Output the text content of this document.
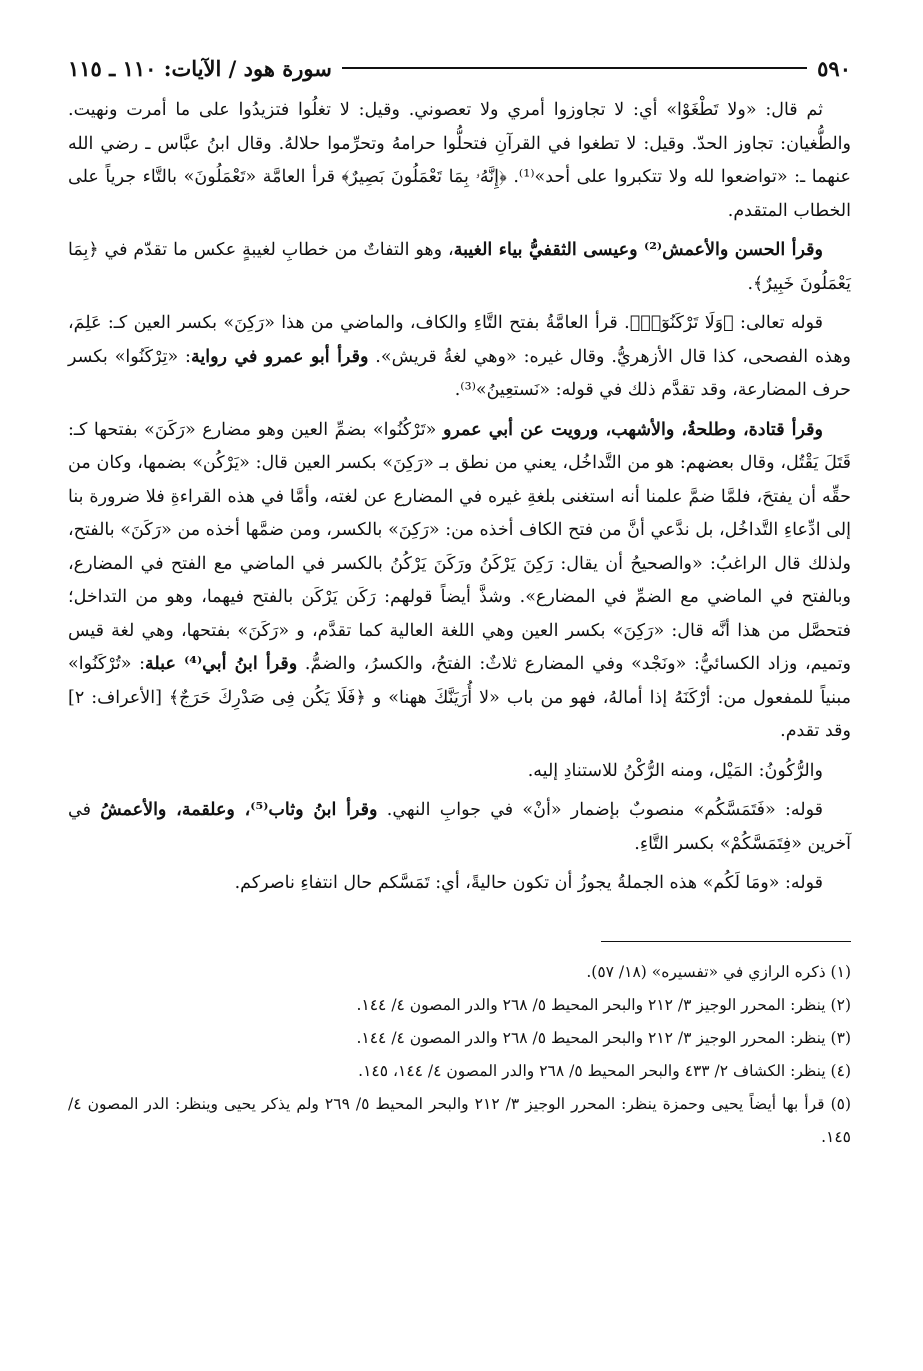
٥٩٠
سورة هود / الآيات: ١١٠ ـ ١١٥

ثم قال: «ولا تَطْغَوْا» أي: لا تجاوزوا أمري ولا تعصوني. وقيل: لا تغلُوا فتزيدُوا على ما أمرت ونهيت. والطُّغيان: تجاوز الحدّ. وقيل: لا تطغوا في القرآنِ فتحلُّوا حرامهُ وتحرِّموا حلالهُ. وقال ابنُ عبَّاس ـ رضي الله عنهما ـ: «تواضعوا لله ولا تتكبروا على أحد»⁽¹⁾. ﴿إِنَّهُۥ بِمَا تَعْمَلُونَ بَصِيرٌ﴾ قرأ العامَّة «تَعْمَلُونَ» بالتَّاء جرياً على الخطاب المتقدم.

وقرأ الحسن والأعمش⁽²⁾ وعيسى الثقفيُّ بياء الغيبة، وهو التفاتٌ من خطابِ لغيبةٍ عكس ما تقدّم في ﴿بِمَا يَعْمَلُونَ خَبِيرٌ﴾.

قوله تعالى: ﴿وَلَا تَرْكَنُوٓا۟﴾. قرأ العامَّةُ بفتح التَّاءِ والكاف، والماضي من هذا «رَكِنَ» بكسر العين كـ: عَلِمَ، وهذه الفصحى، كذا قال الأزهريُّ. وقال غيره: «وهي لغةُ قريش». وقرأ أبو عمرو في رواية: «تِرْكَنُوا» بكسر حرف المضارعة، وقد تقدَّم ذلك في قوله: «نَستعِينُ»⁽³⁾.

وقرأ قتادة، وطلحةُ، والأشهب، ورويت عن أبي عمرو «تَرْكُنُوا» بضمِّ العين وهو مضارع «رَكَنَ» بفتحها كـ: قَتَلَ يَقْتُل، وقال بعضهم: هو من التَّداخُل، يعني من نطق بـ «رَكِنَ» بكسر العين قال: «يَرْكُن» بضمها، وكان من حقِّه أن يفتحَ، فلمَّا ضمَّ علمنا أنه استغنى بلغةِ غيره في المضارع عن لغته، وأمَّا في هذه القراءةِ فلا ضرورة بنا إلى ادِّعاءِ التَّداخُل، بل ندَّعي أنَّ من فتح الكاف أخذه من: «رَكِنَ» بالكسر، ومن ضمَّها أخذه من «رَكَنَ» بالفتح، ولذلك قال الراغبُ: «والصحيحُ أن يقال: رَكِنَ يَرْكَنُ ورَكَنَ يَرْكُنُ بالكسر في الماضي مع الفتح في المضارع، وبالفتح في الماضي مع الضمِّ في المضارع». وشذَّ أيضاً قولهم: رَكَن يَرْكَن بالفتح فيهما، وهو من التداخل؛ فتحصَّل من هذا أنَّه قال: «رَكِنَ» بكسر العين وهي اللغة العالية كما تقدَّم، و «رَكَنَ» بفتحها، وهي لغة قيس وتميم، وزاد الكسائيُّ: «ونَجْد» وفي المضارع ثلاثٌ: الفتحُ، والكسرُ، والضمُّ. وقرأ ابنُ أبي⁽⁴⁾ عبلة: «تُرْكَنُوا» مبنياً للمفعول من: أرْكَنَهُ إذا أمالهُ، فهو من باب «لا أُرَيَنَّكَ ههنا» و ﴿فَلَا يَكُن فِى صَدْرِكَ حَرَجٌ﴾ [الأعراف: ٢] وقد تقدم.

والرُّكُونُ: المَيْل، ومنه الرُّكْنُ للاستنادِ إليه.

قوله: «فَتَمَسَّكُم» منصوبٌ بإضمار «أنْ» في جوابِ النهي. وقرأ ابنُ وثاب⁽⁵⁾، وعلقمة، والأعمشُ في آخرين «فِتَمَسَّكُمْ» بكسر التَّاءِ.

قوله: «ومَا لَكُم» هذه الجملةُ يجوزُ أن تكون حاليةً، أي: تَمَسَّكم حال انتفاءِ ناصركم.

(١) ذكره الرازي في «تفسيره» (١٨/ ٥٧).

(٢) ينظر: المحرر الوجيز ٣/ ٢١٢ والبحر المحيط ٥/ ٢٦٨ والدر المصون ٤/ ١٤٤.

(٣) ينظر: المحرر الوجيز ٣/ ٢١٢ والبحر المحيط ٥/ ٢٦٨ والدر المصون ٤/ ١٤٤.

(٤) ينظر: الكشاف ٢/ ٤٣٣ والبحر المحيط ٥/ ٢٦٨ والدر المصون ٤/ ١٤٤، ١٤٥.

(٥) قرأ بها أيضاً يحيى وحمزة ينظر: المحرر الوجيز ٣/ ٢١٢ والبحر المحيط ٥/ ٢٦٩ ولم يذكر يحيى وينظر: الدر المصون ٤/ ١٤٥.
